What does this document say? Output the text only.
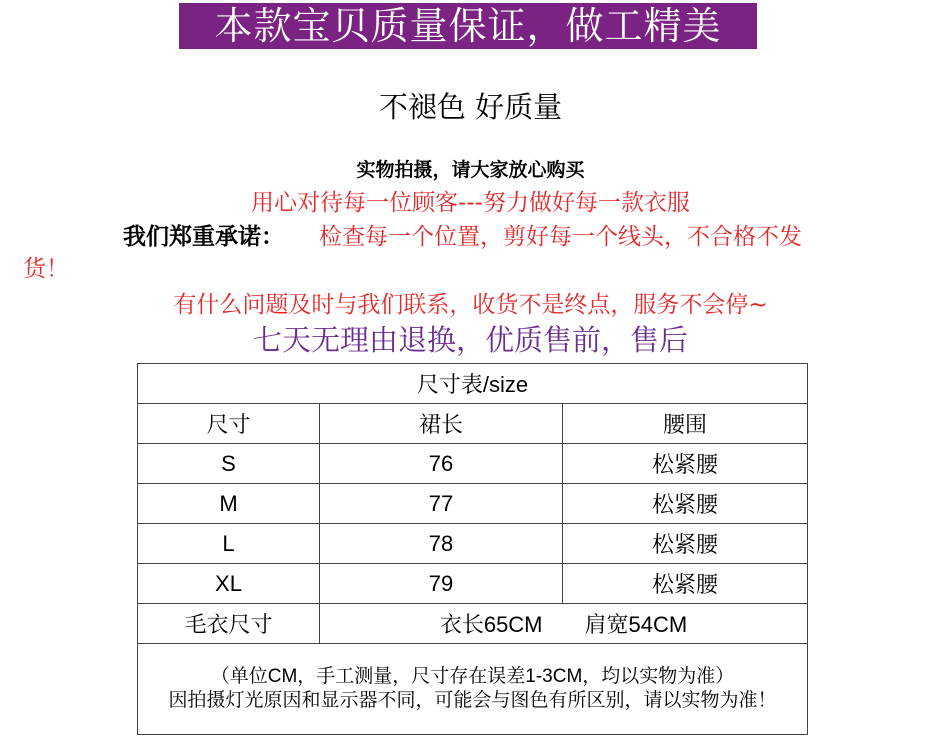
本款宝贝质量保证，做工精美
不褪色 好质量
实物拍摄，请大家放心购买
用心对待每一位顾客---努力做好每一款衣服
我们郑重承诺： 检查每一个位置，剪好每一个线头，不合格不发
货！
有什么问题及时与我们联系，收货不是终点，服务不会停~
七天无理由退换，优质售前，售后
尺寸表/size		
尺寸	裙长	腰围
S	76	松紧腰
M	77	松紧腰
L	78	松紧腰
XL	79	松紧腰
毛衣尺寸	衣长65CM 肩宽54CM	

（单位CM，手工测量，尺寸存在误差1-3CM，均以实物为准）
因拍摄灯光原因和显示器不同，可能会与图色有所区别，请以实物为准！		
